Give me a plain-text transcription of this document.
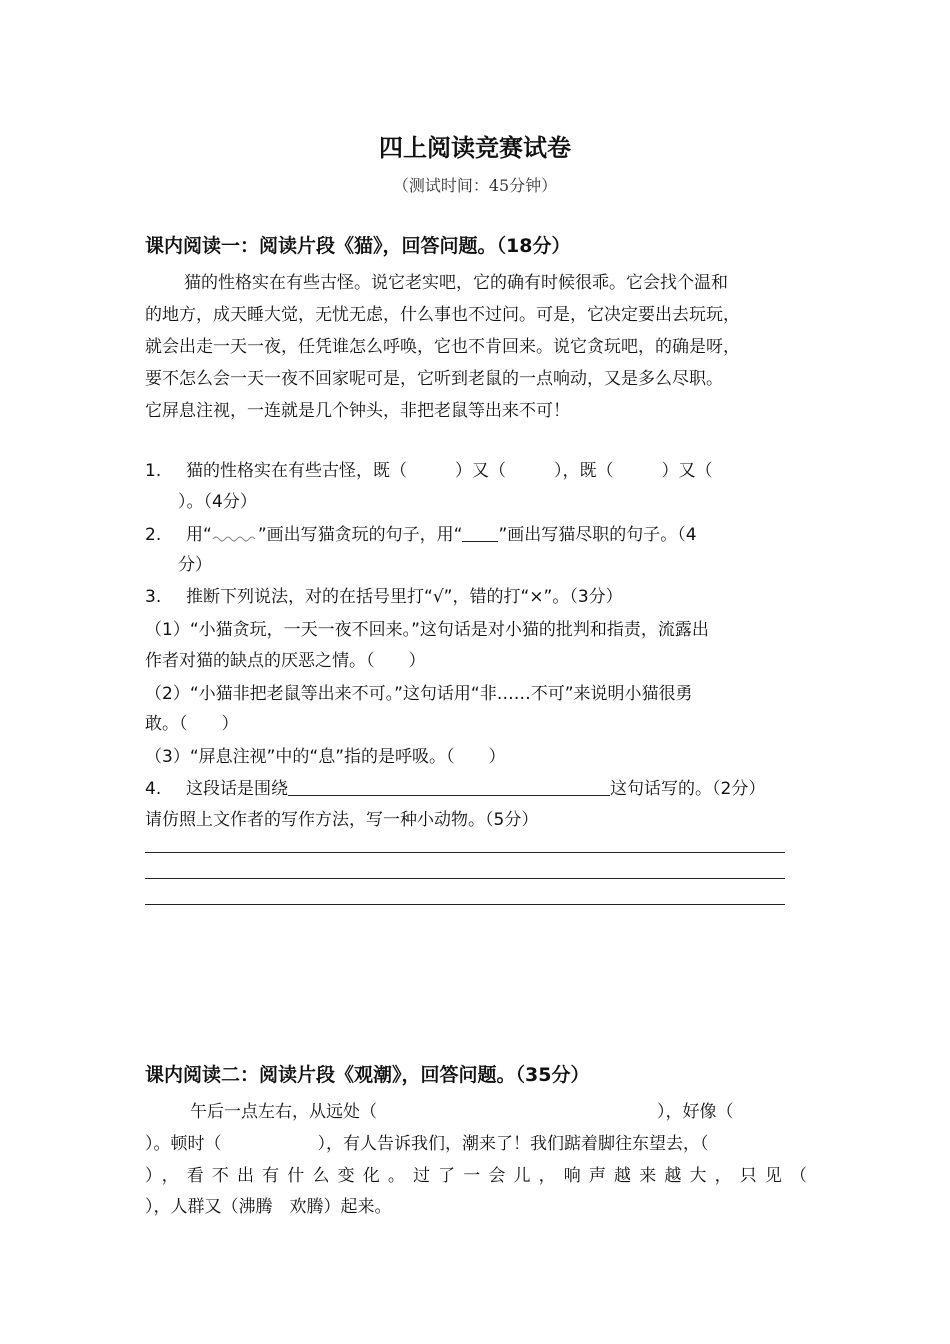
四上阅读竞赛试卷
（测试时间：45分钟）
课内阅读一：阅读片段《猫》，回答问题。（18分）
猫的性格实在有些古怪。说它老实吧，它的确有时候很乖。它会找个温和
的地方，成天睡大觉，无忧无虑，什么事也不过问。可是，它决定要出去玩玩，
就会出走一天一夜，任凭谁怎么呼唤，它也不肯回来。说它贪玩吧，的确是呀，
要不怎么会一天一夜不回家呢可是，它听到老鼠的一点响动，又是多么尽职。
它屏息注视，一连就是几个钟头，非把老鼠等出来不可！
1. 猫的性格实在有些古怪，既（	）又（	），既（	）又（
）。（4分）
2. 用“	”画出写猫贪玩的句子，用“ ”画出写猫尽职的句子。（4
分）
3. 推断下列说法，对的在括号里打“√”，错的打“×”。（3分）
（1）“小猫贪玩，一天一夜不回来。”这句话是对小猫的批判和指责，流露出
作者对猫的缺点的厌恶之情。（　　）
（2）“小猫非把老鼠等出来不可。”这句话用“非……不可”来说明小猫很勇
敢。（　　）
（3）“屏息注视”中的“息”指的是呼吸。（　　）
4. 这段话是围绕	这句话写的。（2分）
请仿照上文作者的写作方法，写一种小动物。（5分）
课内阅读二：阅读片段《观潮》，回答问题。（35分）
午后一点左右，从远处（	），好像（
）。顿时（	），有人告诉我们，潮来了！我们踮着脚往东望去，（
），看不出有什么变化。过了一会儿，响声越来越大，只见（
），人群又（沸腾　欢腾）起来。
